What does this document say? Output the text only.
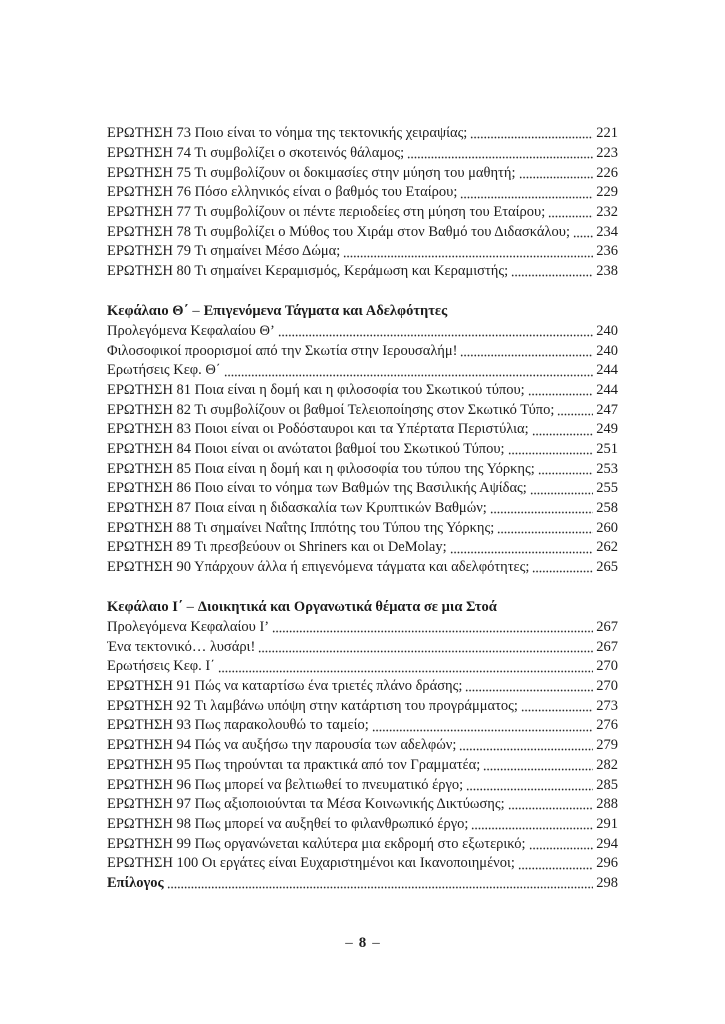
ΕΡΩΤΗΣΗ 73 Ποιο είναι το νόημα της τεκτονικής χειραψίας;	221
ΕΡΩΤΗΣΗ 74 Τι συμβολίζει ο σκοτεινός θάλαμος;	223
ΕΡΩΤΗΣΗ 75 Τι συμβολίζουν οι δοκιμασίες στην μύηση του μαθητή;	226
ΕΡΩΤΗΣΗ 76 Πόσο ελληνικός είναι ο βαθμός του Εταίρου;	229
ΕΡΩΤΗΣΗ 77 Τι συμβολίζουν οι πέντε περιοδείες στη μύηση του Εταίρου;	232
ΕΡΩΤΗΣΗ 78 Τι συμβολίζει ο Μύθος του Χιράμ στον Βαθμό του Διδασκάλου; 234
ΕΡΩΤΗΣΗ 79 Τι σημαίνει Μέσο Δώμα;	236
ΕΡΩΤΗΣΗ 80 Τι σημαίνει Κεραμισμός, Κεράμωση και Κεραμιστής;	238
Κεφάλαιο Θ΄ – Επιγενόμενα Τάγματα και Αδελφότητες
Προλεγόμενα Κεφαλαίου Θ’	240
Φιλοσοφικοί προορισμοί από την Σκωτία στην Ιερουσαλήμ!	240
Ερωτήσεις Κεφ. Θ΄	244
ΕΡΩΤΗΣΗ 81 Ποια είναι η δομή και η φιλοσοφία του Σκωτικού τύπου;	244
ΕΡΩΤΗΣΗ 82 Τι συμβολίζουν οι βαθμοί Τελειοποίησης στον Σκωτικό Τύπο;	247
ΕΡΩΤΗΣΗ 83 Ποιοι είναι οι Ροδόσταυροι και τα Υπέρτατα Περιστύλια;	249
ΕΡΩΤΗΣΗ 84 Ποιοι είναι οι ανώτατοι βαθμοί του Σκωτικού Τύπου;	251
ΕΡΩΤΗΣΗ 85 Ποια είναι η δομή και η φιλοσοφία του τύπου της Υόρκης;	253
ΕΡΩΤΗΣΗ 86 Ποιο είναι το νόημα των Βαθμών της Βασιλικής Αψίδας;	255
ΕΡΩΤΗΣΗ 87 Ποια είναι η διδασκαλία των Κρυπτικών Βαθμών;	258
ΕΡΩΤΗΣΗ 88 Τι σημαίνει Ναΐτης Ιππότης του Τύπου της Υόρκης;	260
ΕΡΩΤΗΣΗ 89 Τι πρεσβεύουν οι Shriners και οι DeMolay;	262
ΕΡΩΤΗΣΗ 90 Υπάρχουν άλλα ή επιγενόμενα τάγματα και αδελφότητες;	265
Κεφάλαιο Ι΄ – Διοικητικά και Οργανωτικά θέματα σε μια Στοά
Προλεγόμενα Κεφαλαίου Ι’	267
Ένα τεκτονικό… λυσάρι!	267
Ερωτήσεις Κεφ. Ι΄	270
ΕΡΩΤΗΣΗ 91 Πώς να καταρτίσω ένα τριετές πλάνο δράσης;	270
ΕΡΩΤΗΣΗ 92 Τι λαμβάνω υπόψη στην κατάρτιση του προγράμματος;	273
ΕΡΩΤΗΣΗ 93 Πως παρακολουθώ το ταμείο;	276
ΕΡΩΤΗΣΗ 94 Πώς να αυξήσω την παρουσία των αδελφών;	279
ΕΡΩΤΗΣΗ 95 Πως τηρούνται τα πρακτικά από τον Γραμματέα;	282
ΕΡΩΤΗΣΗ 96 Πως μπορεί να βελτιωθεί το πνευματικό έργο;	285
ΕΡΩΤΗΣΗ 97 Πως αξιοποιούνται τα Μέσα Κοινωνικής Δικτύωσης;	288
ΕΡΩΤΗΣΗ 98 Πως μπορεί να αυξηθεί το φιλανθρωπικό έργο;	291
ΕΡΩΤΗΣΗ 99 Πως οργανώνεται καλύτερα μια εκδρομή στο εξωτερικό;	294
ΕΡΩΤΗΣΗ 100 Οι εργάτες είναι Ευχαριστημένοι και Ικανοποιημένοι;	296
Επίλογος	298
– 8 –
